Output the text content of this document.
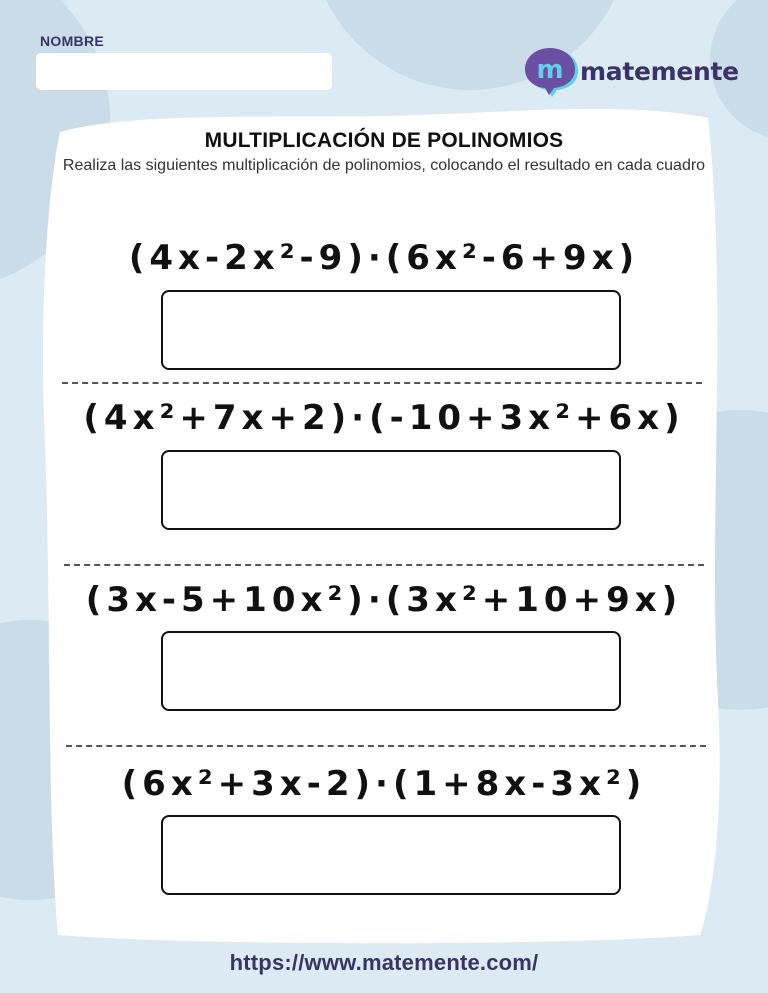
NOMBRE
m matemente
MULTIPLICACIÓN DE POLINOMIOS
Realiza las siguientes multiplicación de polinomios, colocando el resultado en cada cuadro
(4x-2x²-9)·(6x²-6+9x)
(4x²+7x+2)·(-10+3x²+6x)
(3x-5+10x²)·(3x²+10+9x)
(6x²+3x-2)·(1+8x-3x²)
https://www.matemente.com/
